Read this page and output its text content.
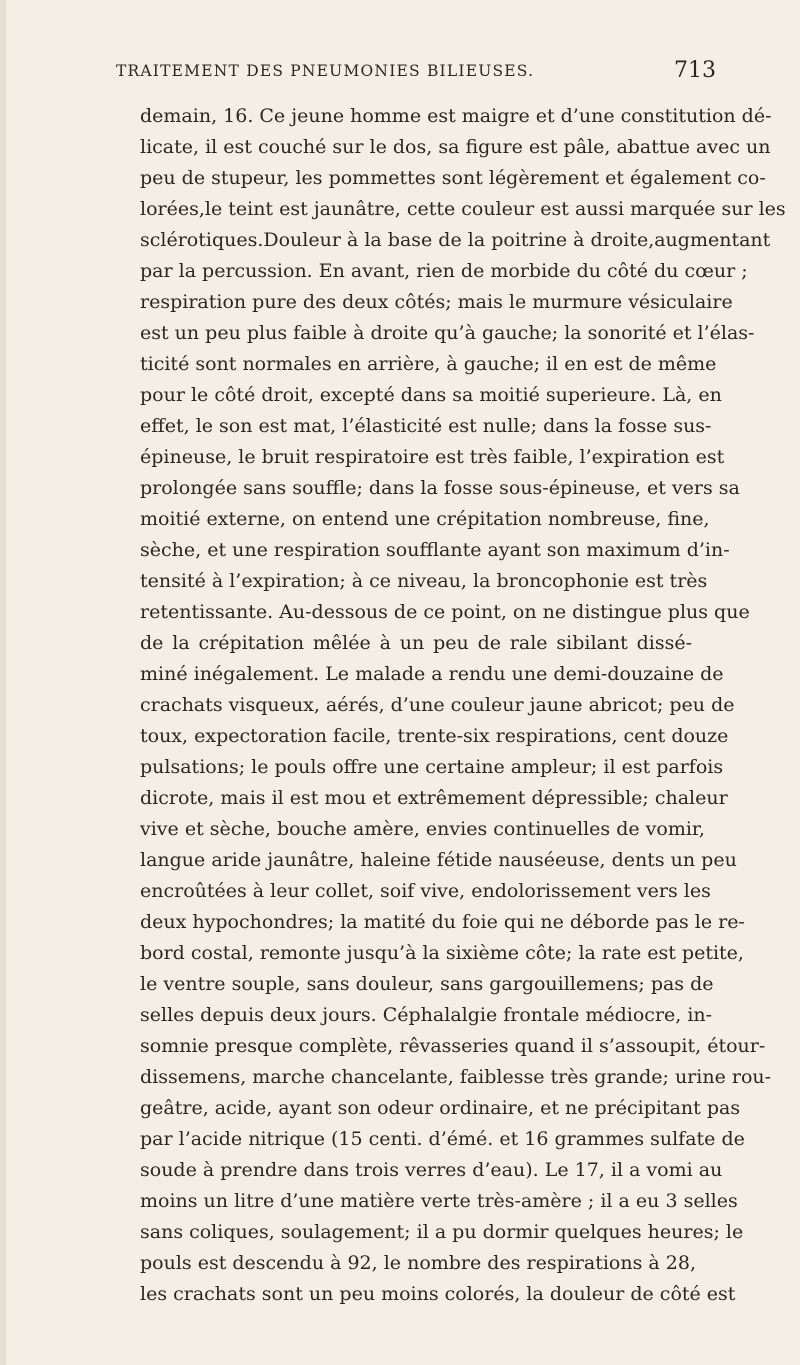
TRAITEMENT DES PNEUMONIES BILIEUSES.	713
demain, 16. Ce jeune homme est maigre et d’une constitution dé-
licate, il est couché sur le dos, sa figure est pâle, abattue avec un
peu de stupeur, les pommettes sont légèrement et également co-
lorées,le teint est jaunâtre, cette couleur est aussi marquée sur les
sclérotiques.Douleur à la base de la poitrine à droite,augmentant
par la percussion. En avant, rien de morbide du côté du cœur ;
respiration pure des deux côtés; mais le murmure vésiculaire
est un peu plus faible à droite qu’à gauche; la sonorité et l’élas-
ticité sont normales en arrière, à gauche; il en est de même
pour le côté droit, excepté dans sa moitié superieure. Là, en
effet, le son est mat, l’élasticité est nulle; dans la fosse sus-
épineuse, le bruit respiratoire est très faible, l’expiration est
prolongée sans souffle; dans la fosse sous-épineuse, et vers sa
moitié externe, on entend une crépitation nombreuse, fine,
sèche, et une respiration soufflante ayant son maximum d’in-
tensité à l’expiration; à ce niveau, la broncophonie est très
retentissante. Au-dessous de ce point, on ne distingue plus que
de la crépitation mêlée à un peu de rale sibilant dissé-
miné inégalement. Le malade a rendu une demi-douzaine de
crachats visqueux, aérés, d’une couleur jaune abricot; peu de
toux, expectoration facile, trente-six respirations, cent douze
pulsations; le pouls offre une certaine ampleur; il est parfois
dicrote, mais il est mou et extrêmement dépressible; chaleur
vive et sèche, bouche amère, envies continuelles de vomir,
langue aride jaunâtre, haleine fétide nauséeuse, dents un peu
encroûtées à leur collet, soif vive, endolorissement vers les
deux hypochondres; la matité du foie qui ne déborde pas le re-
bord costal, remonte jusqu’à la sixième côte; la rate est petite,
le ventre souple, sans douleur, sans gargouillemens; pas de
selles depuis deux jours. Céphalalgie frontale médiocre, in-
somnie presque complète, rêvasseries quand il s’assoupit, étour-
dissemens, marche chancelante, faiblesse très grande; urine rou-
geâtre, acide, ayant son odeur ordinaire, et ne précipitant pas
par l’acide nitrique (15 centi. d’émé. et 16 grammes sulfate de
soude à prendre dans trois verres d’eau). Le 17, il a vomi au
moins un litre d’une matière verte très-amère ; il a eu 3 selles
sans coliques, soulagement; il a pu dormir quelques heures; le
pouls est descendu à 92, le nombre des respirations à 28,
les crachats sont un peu moins colorés, la douleur de côté est
